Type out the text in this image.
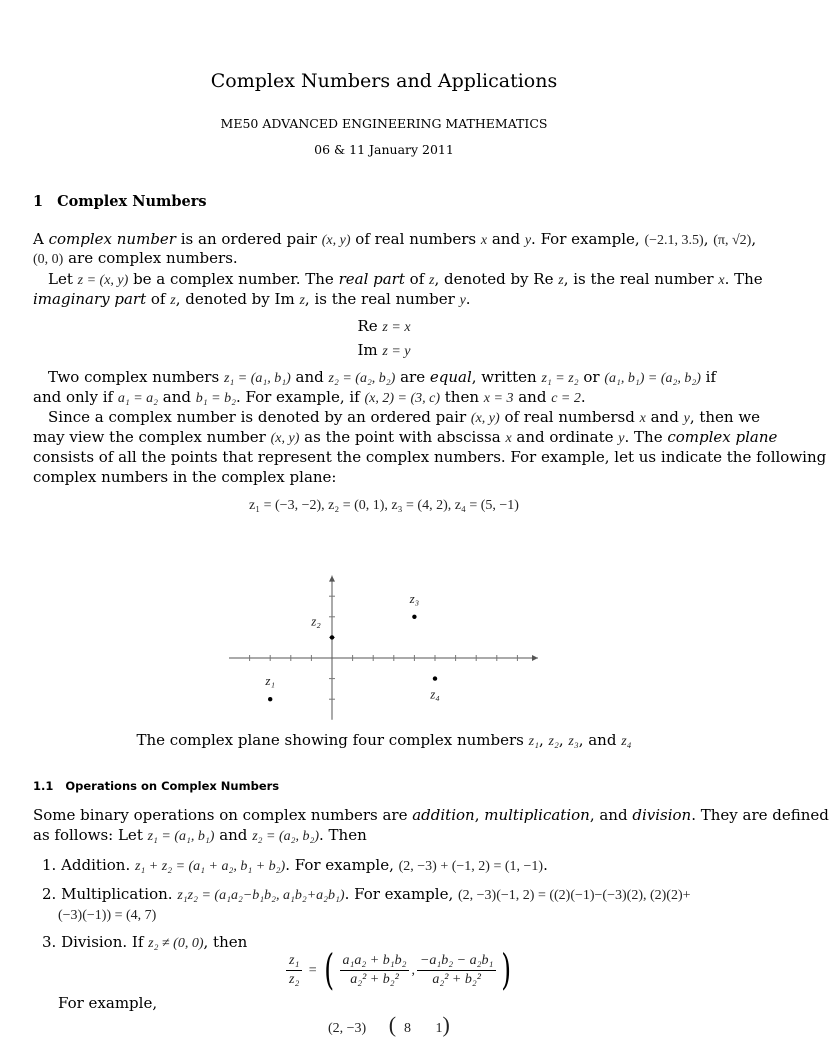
Complex Numbers and Applications
ME50 ADVANCED ENGINEERING MATHEMATICS
06 & 11 January 2011
1 Complex Numbers
A complex number is an ordered pair (x, y) of real numbers x and y. For example, (−2.1, 3.5), (π, √2),
(0, 0) are complex numbers.
Let z = (x, y) be a complex number. The real part of z, denoted by Re z, is the real number x. The
imaginary part of z, denoted by Im z, is the real number y.
Re z = x
Im z = y
Two complex numbers z₁ = (a₁, b₁) and z₂ = (a₂, b₂) are equal, written z₁ = z₂ or (a₁, b₁) = (a₂, b₂) if
and only if a₁ = a₂ and b₁ = b₂. For example, if (x, 2) = (3, c) then x = 3 and c = 2.
Since a complex number is denoted by an ordered pair (x, y) of real numbersd x and y, then we
may view the complex number (x, y) as the point with abscissa x and ordinate y. The complex plane
consists of all the points that represent the complex numbers. For example, let us indicate the following
complex numbers in the complex plane:
z₁ = (−3, −2), z₂ = (0, 1), z₃ = (4, 2), z₄ = (5, −1)
z₁
z₂
z₃
z₄
The complex plane showing four complex numbers z₁, z₂, z₃, and z₄
1.1 Operations on Complex Numbers
Some binary operations on complex numbers are addition, multiplication, and division. They are defined
as follows: Let z₁ = (a₁, b₁) and z₂ = (a₂, b₂). Then
1. Addition. z₁ + z₂ = (a₁ + a₂, b₁ + b₂). For example, (2, −3) + (−1, 2) = (1, −1).
2. Multiplication. z₁z₂ = (a₁a₂−b₁b₂, a₁b₂+a₂b₁). For example, (2, −3)(−1, 2) = ((2)(−1)−(−3)(2), (2)(2)+
(−3)(−1)) = (4, 7)
3. Division. If z₂ ≠ (0, 0), then
$\frac{\text{z₁}}{\text{z₂}}$ = ( $\frac{\text{a₁a₂ + b₁b₂}}{\text{a₂² + b₂²}}$ , $\frac{\text{−a₁b₂ − a₂b₁}}{\text{a₂² + b₂²}}$ )
For example,
(2, −3) ( 8 1)
